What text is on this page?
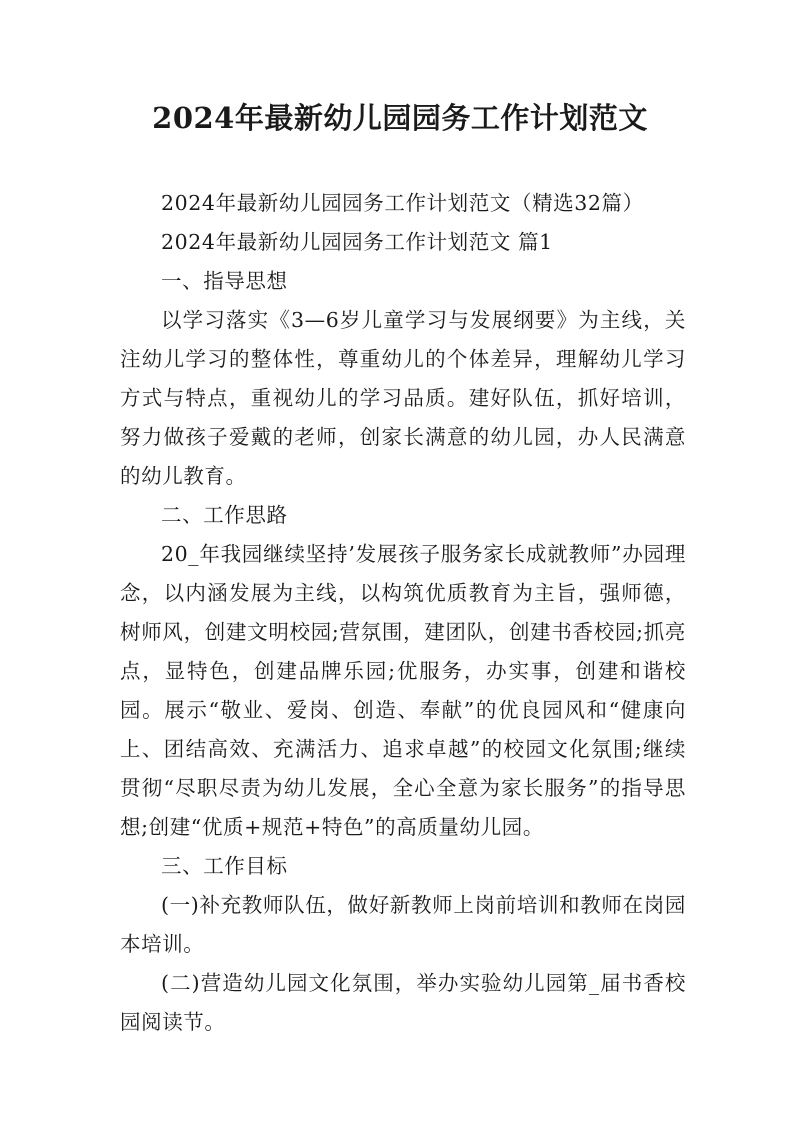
2024年最新幼儿园园务工作计划范文

2024年最新幼儿园园务工作计划范文（精选32篇）

2024年最新幼儿园园务工作计划范文 篇1

一、指导思想

以学习落实《3—6岁儿童学习与发展纲要》为主线，关注幼儿学习的整体性，尊重幼儿的个体差异，理解幼儿学习方式与特点，重视幼儿的学习品质。建好队伍，抓好培训，努力做孩子爱戴的老师，创家长满意的幼儿园，办人民满意的幼儿教育。

二、工作思路

20_年我园继续坚持’发展孩子服务家长成就教师”办园理念，以内涵发展为主线，以构筑优质教育为主旨，强师德，树师风，创建文明校园;营氛围，建团队，创建书香校园;抓亮点，显特色，创建品牌乐园;优服务，办实事，创建和谐校园。展示“敬业、爱岗、创造、奉献”的优良园风和“健康向上、团结高效、充满活力、追求卓越”的校园文化氛围;继续贯彻“尽职尽责为幼儿发展，全心全意为家长服务”的指导思想;创建“优质+规范+特色”的高质量幼儿园。

三、工作目标

(一)补充教师队伍，做好新教师上岗前培训和教师在岗园本培训。

(二)营造幼儿园文化氛围，举办实验幼儿园第_届书香校园阅读节。
